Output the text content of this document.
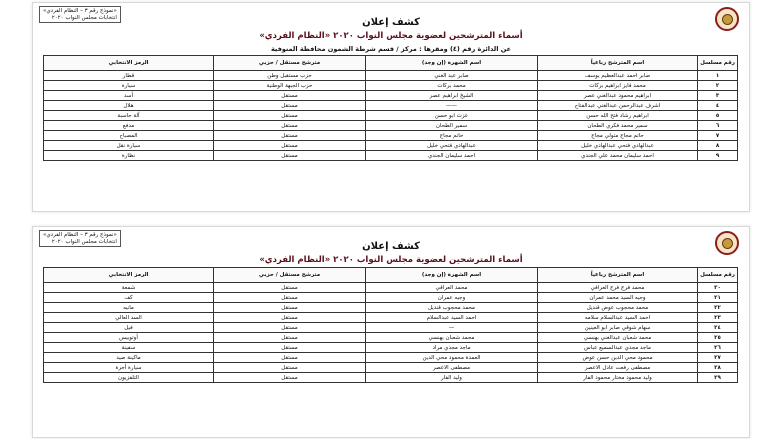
«نموذج رقم ٣ – النظام الفردي»
انتخابات مجلس النواب ٢٠٢٠	كشف إعلان
أسماء المترشحين لعضوية مجلس النواب ٢٠٢٠ «النظام الفردي»
عن الدائرة رقم (٤) ومقرها : مركز / قسم شرطة الشمون محافظة المنوفية
رقم مسلسل	اسم المترشح رباعياً	اسم الشهرة (إن وجد)	مترشح مستقل / حزبي	الرمز الانتخابي
١	صابر احمد عبدالعظيم يوسف	صابر عبد الغني	حزب مستقبل وطن	قطار
٢	محمد فايز ابراهيم بركات	محمد بركات	حزب الجبهة الوطنية	سيارة
٣	ابراهيم محمود عبدالغني عصر	الشيخ ابراهيم عصر	مستقل	أسد
٤	اشرف عبدالرحمن عبدالغني عبدالفتاح	——	مستقل	هلال
٥	ابراهيم رشاد فتح الله حسن	عزت ابو حسن	مستقل	آلة حاسبة
٦	سمير محمد فكري الطحان	سمير الطحان	مستقل	مدفع
٧	حاتم مجاج متولي مجاج	حاتم مجاج	مستقل	المصباح
٨	عبدالهادي فتحي عبدالهادي خليل	عبدالهادي فتحي خليل	مستقل	سيارة نقل
٩	احمد سليمان محمد علي الجندي	احمد سليمان الجندي	مستقل	نظارة
«نموذج رقم ٣ – النظام الفردي»
انتخابات مجلس النواب ٢٠٢٠	كشف إعلان
أسماء المترشحين لعضوية مجلس النواب ٢٠٢٠ «النظام الفردي»
رقم مسلسل	اسم المترشح رباعياً	اسم الشهرة (إن وجد)	مترشح مستقل / حزبي	الرمز الانتخابي
٢٠	محمد فرج فرج العراقي	محمد العراقي	مستقل	شمعة
٢١	وجيه السيد محمد عمران	وجيه عمران	مستقل	كف
٢٢	محمد محجوب عوض قنديل	محمد محجوب قنديل	مستقل	مانيه
٢٣	احمد السيد عبدالسلام سلامه	احمد السيد عبدالسلام	مستقل	السد العالي
٢٤	سهام شوقي صابر ابو العينين	—	مستقل	فيل
٢٥	محمد شعبان عبدالغني بهنسي	محمد شعبان بهنسي	مستقل	أوتوبيس
٢٦	ماجد مجدي عبدالسميع عباس	ماجد مجدي مراد	مستقل	سفينة
٢٧	محمود محي الدين حسن عوض	العمدة محمود محي الدين	مستقل	ماكينة صيد
٢٨	مصطفى رفعت عادل الاعصر	مصطفى الاعصر	مستقل	سيارة أجرة
٢٩	وليد محمود مختار محمود الفار	وليد الفار	مستقل	التلفزيون
